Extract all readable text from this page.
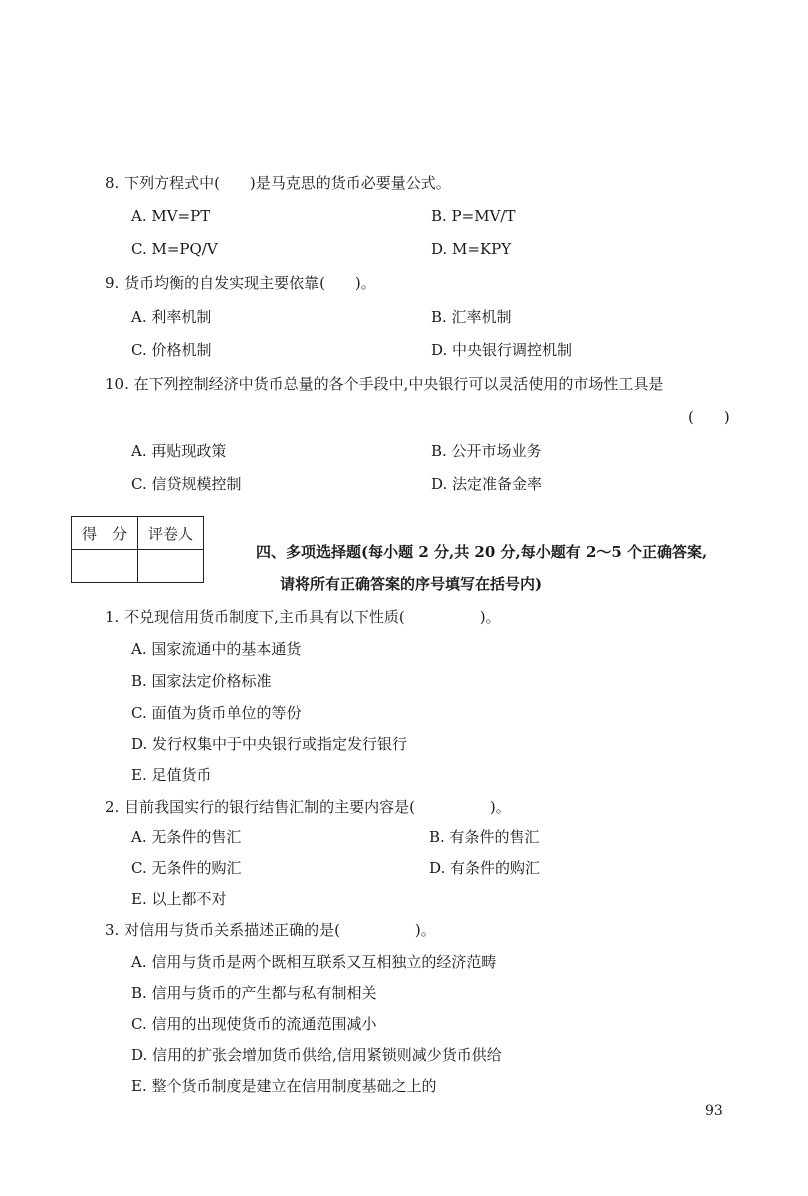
8. 下列方程式中(　　)是马克思的货币必要量公式。
A. MV=PT	B. P=MV/T
C. M=PQ/V	D. M=KPY
9. 货币均衡的自发实现主要依靠(　　)。
A. 利率机制	B. 汇率机制
C. 价格机制	D. 中央银行调控机制
10. 在下列控制经济中货币总量的各个手段中,中央银行可以灵活使用的市场性工具是
(　　)
A. 再贴现政策	B. 公开市场业务
C. 信贷规模控制	D. 法定准备金率
得　分	评卷人

四、多项选择题(每小题 2 分,共 20 分,每小题有 2～5 个正确答案,
请将所有正确答案的序号填写在括号内)
1. 不兑现信用货币制度下,主币具有以下性质(　　　　　)。
A. 国家流通中的基本通货
B. 国家法定价格标准
C. 面值为货币单位的等份
D. 发行权集中于中央银行或指定发行银行
E. 足值货币
2. 目前我国实行的银行结售汇制的主要内容是(　　　　　)。
A. 无条件的售汇	B. 有条件的售汇
C. 无条件的购汇	D. 有条件的购汇
E. 以上都不对
3. 对信用与货币关系描述正确的是(　　　　　)。
A. 信用与货币是两个既相互联系又互相独立的经济范畴
B. 信用与货币的产生都与私有制相关
C. 信用的出现使货币的流通范围减小
D. 信用的扩张会增加货币供给,信用紧锁则减少货币供给
E. 整个货币制度是建立在信用制度基础之上的
93
